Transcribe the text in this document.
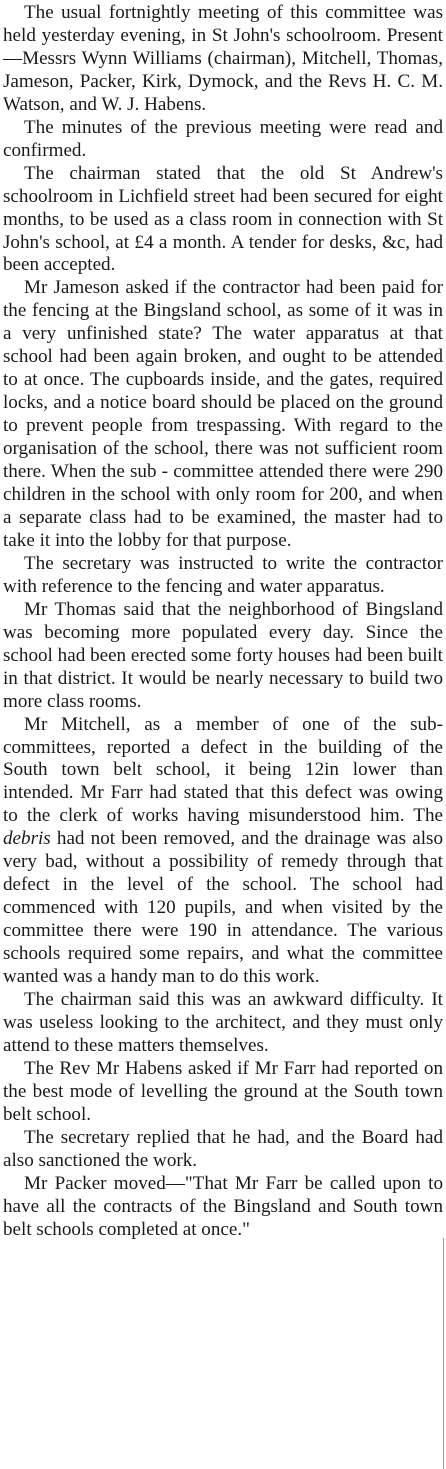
The usual fortnightly meeting of this committee was held yesterday evening, in St John's schoolroom. Present—Messrs Wynn Williams (chairman), Mitchell, Thomas, Jameson, Packer, Kirk, Dymock, and the Revs H. C. M. Watson, and W. J. Habens.

The minutes of the previous meeting were read and confirmed.

The chairman stated that the old St Andrew's schoolroom in Lichfield street had been secured for eight months, to be used as a class room in connection with St John's school, at £4 a month. A tender for desks, &c, had been accepted.

Mr Jameson asked if the contractor had been paid for the fencing at the Bingsland school, as some of it was in a very unfinished state? The water apparatus at that school had been again broken, and ought to be attended to at once. The cupboards inside, and the gates, required locks, and a notice board should be placed on the ground to prevent people from trespassing. With regard to the organisation of the school, there was not sufficient room there. When the sub - committee attended there were 290 children in the school with only room for 200, and when a separate class had to be examined, the master had to take it into the lobby for that purpose.

The secretary was instructed to write the contractor with reference to the fencing and water apparatus.

Mr Thomas said that the neighborhood of Bingsland was becoming more populated every day. Since the school had been erected some forty houses had been built in that district. It would be nearly necessary to build two more class rooms.

Mr Mitchell, as a member of one of the sub-committees, reported a defect in the building of the South town belt school, it being 12in lower than intended. Mr Farr had stated that this defect was owing to the clerk of works having misunderstood him. The debris had not been removed, and the drainage was also very bad, without a possibility of remedy through that defect in the level of the school. The school had commenced with 120 pupils, and when visited by the committee there were 190 in attendance. The various schools required some repairs, and what the committee wanted was a handy man to do this work.

The chairman said this was an awkward difficulty. It was useless looking to the architect, and they must only attend to these matters themselves.

The Rev Mr Habens asked if Mr Farr had reported on the best mode of levelling the ground at the South town belt school.

The secretary replied that he had, and the Board had also sanctioned the work.

Mr Packer moved—"That Mr Farr be called upon to have all the contracts of the Bingsland and South town belt schools completed at once."
